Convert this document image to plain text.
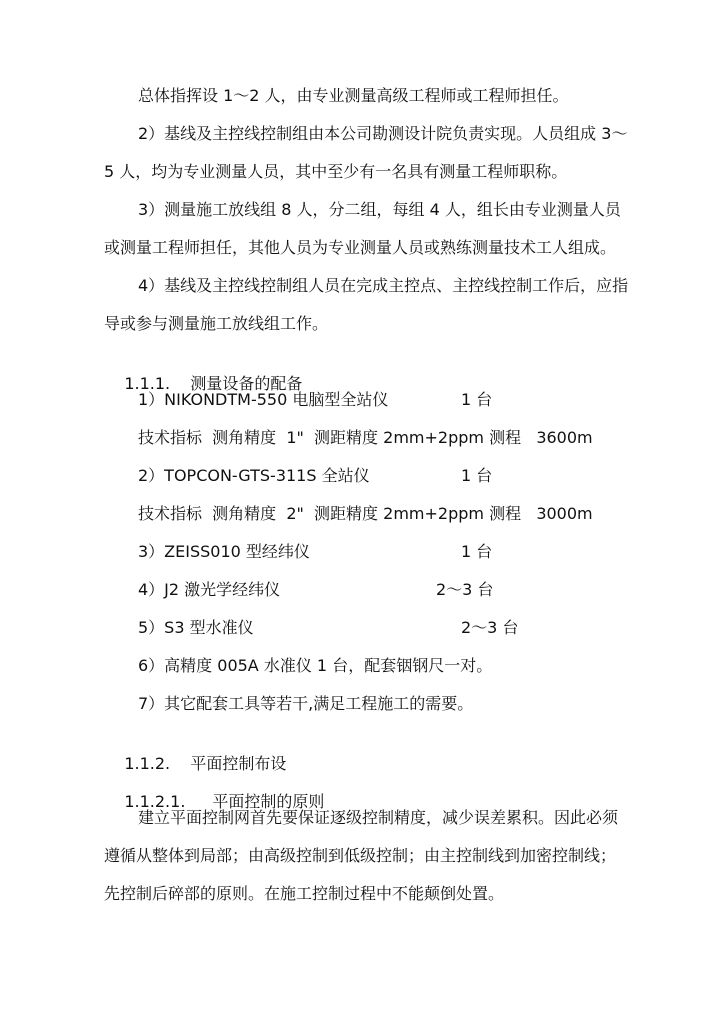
总体指挥设 1～2 人，由专业测量高级工程师或工程师担任。
2）基线及主控线控制组由本公司勘测设计院负责实现。人员组成 3～
5 人，均为专业测量人员，其中至少有一名具有测量工程师职称。
3）测量施工放线组 8 人，分二组，每组 4 人，组长由专业测量人员
或测量工程师担任，其他人员为专业测量人员或熟练测量技术工人组成。
4）基线及主控线控制组人员在完成主控点、主控线控制工作后，应指
导或参与测量施工放线组工作。

1.1.1. 测量设备的配备

1）NIKONDTM-550 电脑型全站仪	1 台
技术指标  测角精度  1"  测距精度 2mm+2ppm 测程   3600m
2）TOPCON-GTS-311S 全站仪	1 台
技术指标  测角精度  2"  测距精度 2mm+2ppm 测程   3000m
3）ZEISS010 型经纬仪	1 台
4）J2 激光学经纬仪	2～3 台
5）S3 型水准仪	2～3 台
6）高精度 005A 水准仪 1 台，配套铟钢尺一对。
7）其它配套工具等若干,满足工程施工的需要。

1.1.2. 平面控制布设

1.1.2.1. 平面控制的原则

建立平面控制网首先要保证逐级控制精度，减少误差累积。因此必须
遵循从整体到局部；由高级控制到低级控制；由主控制线到加密控制线；
先控制后碎部的原则。在施工控制过程中不能颠倒处置。
